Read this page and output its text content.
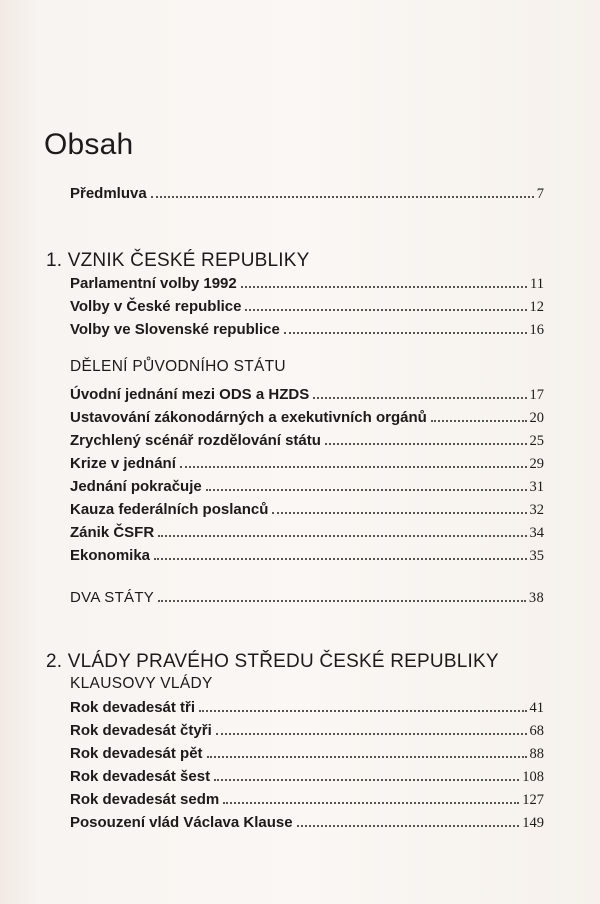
Obsah
Předmluva	7
1. VZNIK ČESKÉ REPUBLIKY
Parlamentní volby 1992	11
Volby v České republice	12
Volby ve Slovenské republice	16
DĚLENÍ PŮVODNÍHO STÁTU
Úvodní jednání mezi ODS a HZDS	17
Ustavování zákonodárných a exekutivních orgánů	20
Zrychlený scénář rozdělování státu	25
Krize v jednání	29
Jednání pokračuje	31
Kauza federálních poslanců	32
Zánik ČSFR	34
Ekonomika	35
DVA STÁTY	38
2. VLÁDY PRAVÉHO STŘEDU ČESKÉ REPUBLIKY
KLAUSOVY VLÁDY
Rok devadesát tři	41
Rok devadesát čtyři	68
Rok devadesát pět	88
Rok devadesát šest	108
Rok devadesát sedm	127
Posouzení vlád Václava Klause	149
